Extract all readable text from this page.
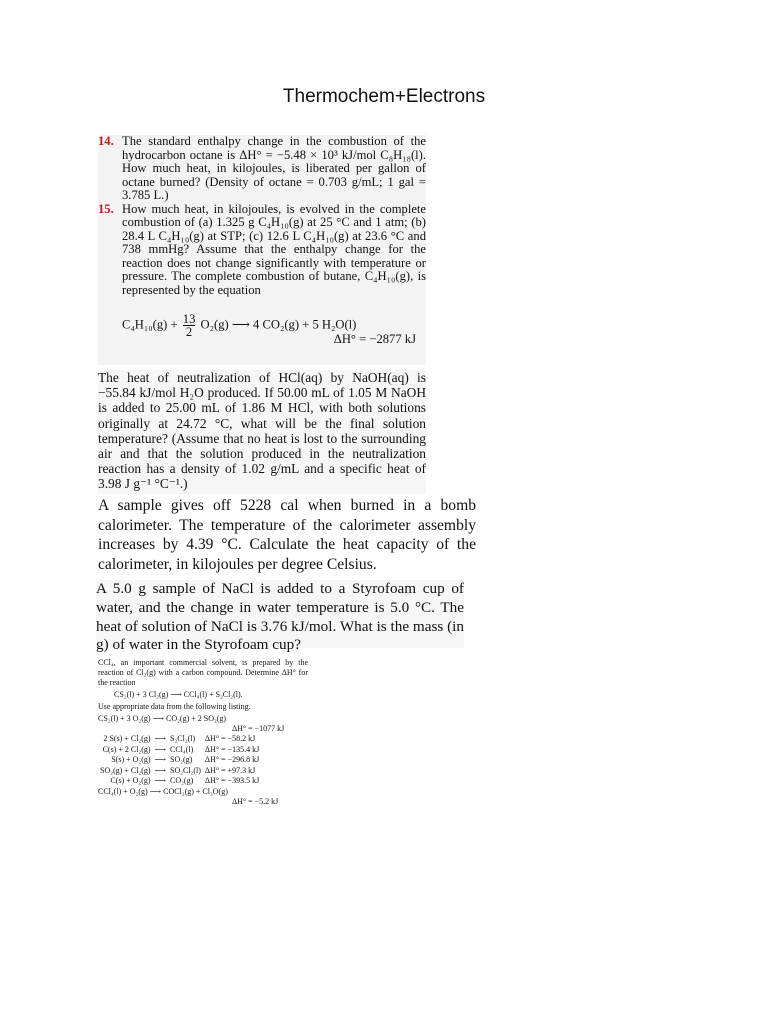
Thermochem+Electrons
14. The standard enthalpy change in the combustion of the hydrocarbon octane is ΔH° = −5.48 × 10³ kJ/mol C₈H₁₈(l). How much heat, in kilojoules, is liberated per gallon of octane burned? (Density of octane = 0.703 g/mL; 1 gal = 3.785 L.)

15. How much heat, in kilojoules, is evolved in the complete combustion of (a) 1.325 g C₄H₁₀(g) at 25 °C and 1 atm; (b) 28.4 L C₄H₁₀(g) at STP; (c) 12.6 L C₄H₁₀(g) at 23.6 °C and 738 mmHg? Assume that the enthalpy change for the reaction does not change significantly with temperature or pressure. The complete combustion of butane, C₄H₁₀(g), is represented by the equation

$C_4H_{10}(g) + \frac{13}{2} O_2(g)$ ⟶ 4 CO₂(g) + 5 H₂O(l)
ΔH° = −2877 kJ

The heat of neutralization of HCl(aq) by NaOH(aq) is −55.84 kJ/mol H₂O produced. If 50.00 mL of 1.05 M NaOH is added to 25.00 mL of 1.86 M HCl, with both solutions originally at 24.72 °C, what will be the final solution temperature? (Assume that no heat is lost to the surrounding air and that the solution produced in the neutralization reaction has a density of 1.02 g/mL and a specific heat of 3.98 J g⁻¹ °C⁻¹.)

A sample gives off 5228 cal when burned in a bomb calorimeter. The temperature of the calorimeter assembly increases by 4.39 °C. Calculate the heat capacity of the calorimeter, in kilojoules per degree Celsius.

A 5.0 g sample of NaCl is added to a Styrofoam cup of water, and the change in water temperature is 5.0 °C. The heat of solution of NaCl is 3.76 kJ/mol. What is the mass (in g) of water in the Styrofoam cup?

CCl₄, an important commercial solvent, is prepared by the reaction of Cl₂(g) with a carbon compound. Determine ΔH° for the reaction

CS₂(l) + 3 Cl₂(g) ⟶ CCl₄(l) + S₂Cl₂(l).
Use appropriate data from the following listing.
CS₂(l) + 3 O₂(g) ⟶ CO₂(g) + 2 SO₂(g)
ΔH° = −1077 kJ
2 S(s) + Cl₂(g)	⟶	S₂Cl₂(l)	ΔH° = −58.2 kJ
C(s) + 2 Cl₂(g)	⟶	CCl₄(l)	ΔH° = −135.4 kJ
S(s) + O₂(g)	⟶	SO₂(g)	ΔH° = −296.8 kJ
SO₂(g) + Cl₂(g)	⟶	SO₂Cl₂(l)	ΔH° = +97.3 kJ
C(s) + O₂(g)	⟶	CO₂(g)	ΔH° = −393.5 kJ
CCl₄(l) + O₂(g) ⟶ COCl₂(g) + Cl₂O(g)
ΔH° = −5.2 kJ
